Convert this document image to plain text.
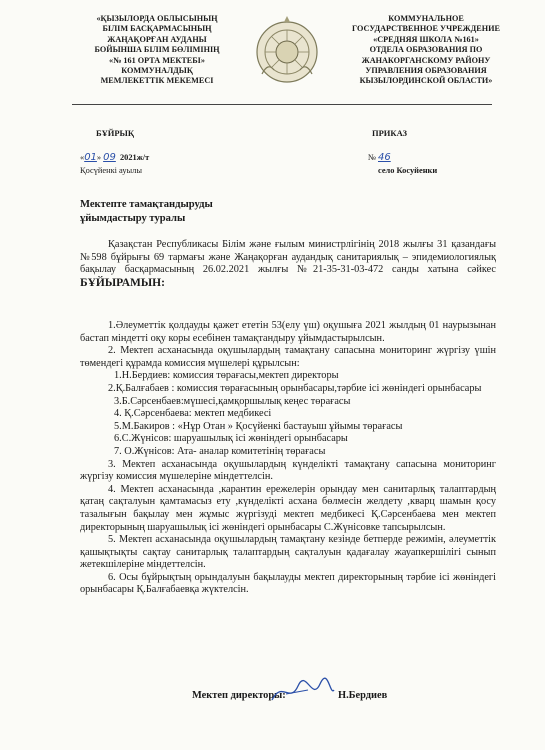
«ҚЫЗЫЛОРДА ОБЛЫСЫНЫҢ
БІЛІМ БАСҚАРМАСЫНЫҢ
ЖАҢАҚОРҒАН АУДАНЫ
БОЙЫНША БІЛІМ БӨЛІМІНІҢ
«№ 161 ОРТА МЕКТЕБІ»
КОММУНАЛДЫҚ
МЕМЛЕКЕТТІК МЕКЕМЕСІ
КОММУНАЛЬНОЕ
ГОСУДАРСТВЕННОЕ УЧРЕЖДЕНИЕ
«СРЕДНЯЯ ШКОЛА №161»
ОТДЕЛА ОБРАЗОВАНИЯ ПО
ЖАНАКОРГАНСКОМУ РАЙОНУ
УПРАВЛЕНИЯ ОБРАЗОВАНИЯ
КЫЗЫЛОРДИНСКОЙ ОБЛАСТИ»
БҰЙРЫҚ	ПРИКАЗ
«01» 09 2021ж/т
Қосүйенкі ауылы
№ 46
село Косуйенки
Мектепте тамақтандыруды
ұйымдастыру туралы

Қазақстан Республикасы Білім және ғылым министрлігінің 2018 жылғы 31 қазандағы №598 бұйрығы 69 тармағы және Жаңақорған аудандық санитариялық – эпидемиологиялық бақылау басқармасының 26.02.2021 жылғы №21-35-31-03-472 санды хатына сәйкес БҰЙЫРАМЫН:

1.Әлеуметтік қолдауды қажет ететін 53(елу үш) оқушыға 2021 жылдың 01 наурызынан бастап міндетті оқу коры есебінен тамақтандыру ұйымдастырылсын.

2. Мектеп асханасында оқушылардың тамақтану сапасына мониторинг жүргізу үшін төмендегі құрамда комиссия мүшелері құрылсын:

1.Н.Бердиев: комиссия төрағасы,мектеп директоры

2.Қ.Балғабаев : комиссия төрағасының орынбасары,тәрбие ісі жөніндегі орынбасары

3.Б.Сәрсенбаев:мүшесі,қамқоршылық кеңес төрағасы

4. Қ.Сәрсенбаева: мектеп медбикесі

5.М.Бакиров : «Нұр Отан » Қосүйенкі бастауыш ұйымы төрағасы

6.С.Жүнісов: шаруашылық ісі жөніндегі орынбасары

7. О.Жүнісов: Ата- аналар комитетінің төрағасы

3. Мектеп асханасында оқушылардың күнделікті тамақтану сапасына мониторинг жүргізу комиссия мүшелеріне міндеттелсін.

4. Мектеп асханасында ,карантин ережелерін орындау мен санитарлық талаптардың қатаң сақталуын қамтамасыз ету ,күнделікті асхана бөлмесін желдету ,кварц шамын қосу тазалығын бақылау мен жұмыс жүргізуді мектеп медбикесі Қ.Сәрсенбаева мен мектеп директорының шаруашылық ісі жөніндегі орынбасары С.Жүнісовке тапсырылсын.

5. Мектеп асханасында оқушылардың тамақтану кезінде бетперде режимін, әлеуметтік қашықтықты сақтау санитарлық талаптардың сақталуын қадағалау жауапкершілігі сынып жетекшілеріне міндеттелсін.

6. Осы бұйрықтың орындалуын бақылауды мектеп директорының тәрбие ісі жөніндегі орынбасары Қ.Балғабаевқа жүктелсін.

Мектеп директоры:	Н.Бердиев
